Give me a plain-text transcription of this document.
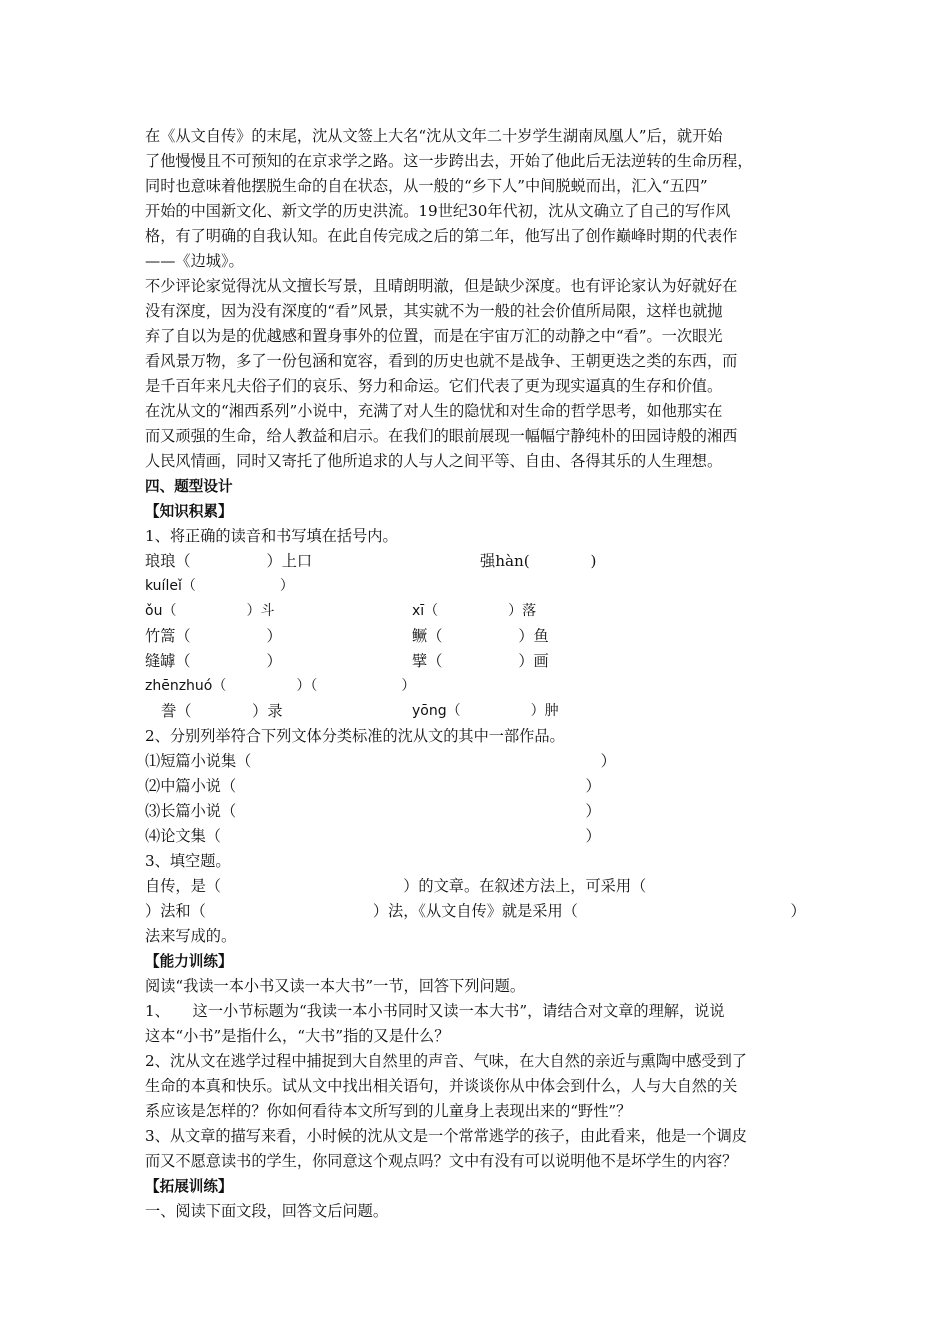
在《从文自传》的末尾，沈从文签上大名“沈从文年二十岁学生湖南凤凰人”后，就开始
了他慢慢且不可预知的在京求学之路。这一步跨出去，开始了他此后无法逆转的生命历程，
同时也意味着他摆脱生命的自在状态，从一般的“乡下人”中间脱蜕而出，汇入“五四”
开始的中国新文化、新文学的历史洪流。19世纪30年代初，沈从文确立了自己的写作风
格，有了明确的自我认知。在此自传完成之后的第二年，他写出了创作巅峰时期的代表作
——《边城》。
不少评论家觉得沈从文擅长写景，且晴朗明澈，但是缺少深度。也有评论家认为好就好在
没有深度，因为没有深度的“看”风景，其实就不为一般的社会价值所局限，这样也就抛
弃了自以为是的优越感和置身事外的位置，而是在宇宙万汇的动静之中“看”。一次眼光
看风景万物，多了一份包涵和宽容，看到的历史也就不是战争、王朝更迭之类的东西，而
是千百年来凡夫俗子们的哀乐、努力和命运。它们代表了更为现实逼真的生存和价值。
在沈从文的“湘西系列”小说中，充满了对人生的隐忧和对生命的哲学思考，如他那实在
而又顽强的生命，给人教益和启示。在我们的眼前展现一幅幅宁静纯朴的田园诗般的湘西
人民风情画，同时又寄托了他所追求的人与人之间平等、自由、各得其乐的人生理想。
四、题型设计
【知识积累】
1、将正确的读音和书写填在括号内。
琅琅（　　　　　）上口	强hàn(　　　　)
kuíleǐ（　　　　　　）
ǒu（　　　　　）斗	xī（　　　　　）落
竹篙（　　　　　）	鳜（　　　　　）鱼
缝罅（　　　　　）	擘（　　　　　）画
zhēnzhuó（　　　　　）（　　　　　　）
誊（　　　　）录	yōng（　　　　　）肿
2、分别列举符合下列文体分类标准的沈从文的其中一部作品。
⑴短篇小说集（　　　　　　　　　　　　　　　　　　　　　　　）
⑵中篇小说（　　　　　　　　　　　　　　　　　　　　　　　）
⑶长篇小说（　　　　　　　　　　　　　　　　　　　　　　　）
⑷论文集（　　　　　　　　　　　　　　　　　　　　　　　　）
3、填空题。
自传，是（　　　　　　　　　　　　）的文章。在叙述方法上，可采用（
）法和（　　　　　　　　　　　）法，《从文自传》就是采用（　　　　　　　　　　　　　　）
法来写成的。
【能力训练】
阅读“我读一本小书又读一本大书”一节，回答下列问题。
1、　　这一小节标题为“我读一本小书同时又读一本大书”，请结合对文章的理解，说说
这本“小书”是指什么，“大书”指的又是什么？
2、沈从文在逃学过程中捕捉到大自然里的声音、气味，在大自然的亲近与熏陶中感受到了
生命的本真和快乐。试从文中找出相关语句，并谈谈你从中体会到什么，人与大自然的关
系应该是怎样的？你如何看待本文所写到的儿童身上表现出来的“野性”？
3、从文章的描写来看，小时候的沈从文是一个常常逃学的孩子，由此看来，他是一个调皮
而又不愿意读书的学生，你同意这个观点吗？文中有没有可以说明他不是坏学生的内容？
【拓展训练】
一、阅读下面文段，回答文后问题。
